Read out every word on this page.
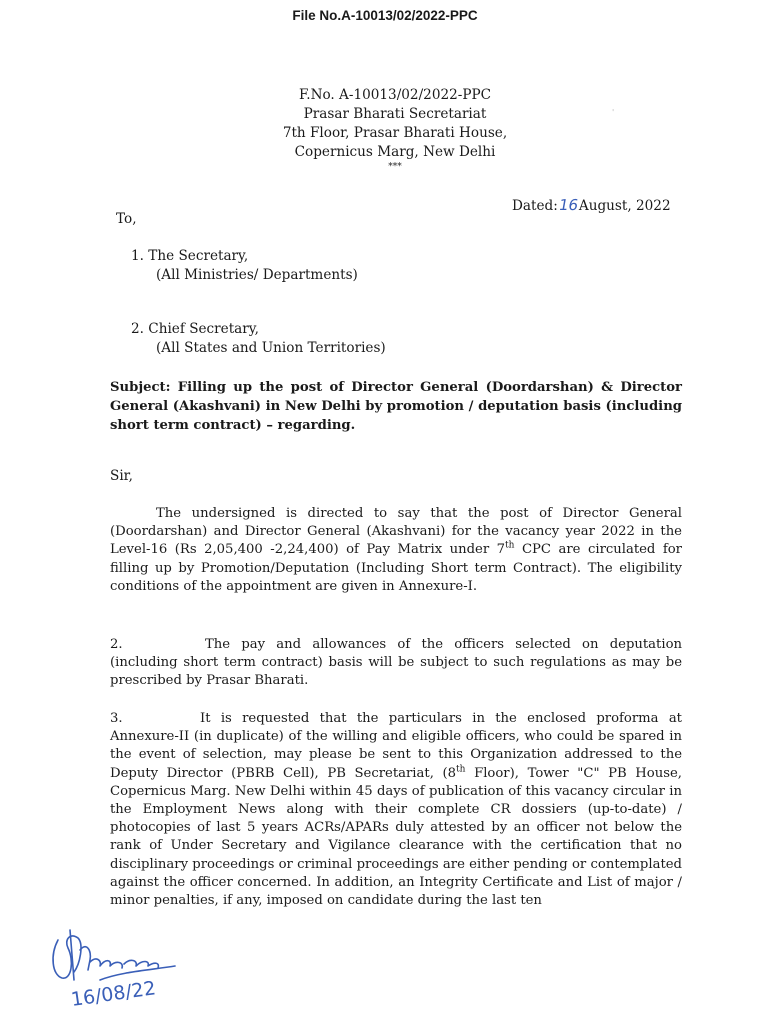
File No.A-10013/02/2022-PPC
F.No. A-10013/02/2022-PPC
Prasar Bharati Secretariat
7th Floor, Prasar Bharati House,
Copernicus Marg, New Delhi
***
'
Dated:16August, 2022
To,
1. The Secretary,
(All Ministries/ Departments)
2. Chief Secretary,
(All States and Union Territories)
Subject: Filling up the post of Director General (Doordarshan) & Director General (Akashvani) in New Delhi by promotion / deputation basis (including short term contract) – regarding.
Sir,
The undersigned is directed to say that the post of Director General (Doordarshan) and Director General (Akashvani) for the vacancy year 2022 in the Level-16 (Rs 2,05,400 -2,24,400) of Pay Matrix under 7th CPC are circulated for filling up by Promotion/Deputation (Including Short term Contract). The eligibility conditions of the appointment are given in Annexure-I.
2.	The pay and allowances of the officers selected on deputation (including short term contract) basis will be subject to such regulations as may be prescribed by Prasar Bharati.
3.	It is requested that the particulars in the enclosed proforma at Annexure-II (in duplicate) of the willing and eligible officers, who could be spared in the event of selection, may please be sent to this Organization addressed to the Deputy Director (PBRB Cell), PB Secretariat, (8th Floor), Tower "C" PB House, Copernicus Marg. New Delhi within 45 days of publication of this vacancy circular in the Employment News along with their complete CR dossiers (up-to-date) / photocopies of last 5 years ACRs/APARs duly attested by an officer not below the rank of Under Secretary and Vigilance clearance with the certification that no disciplinary proceedings or criminal proceedings are either pending or contemplated against the officer concerned. In addition, an Integrity Certificate and List of major / minor penalties, if any, imposed on candidate during the last ten
16/08/22
